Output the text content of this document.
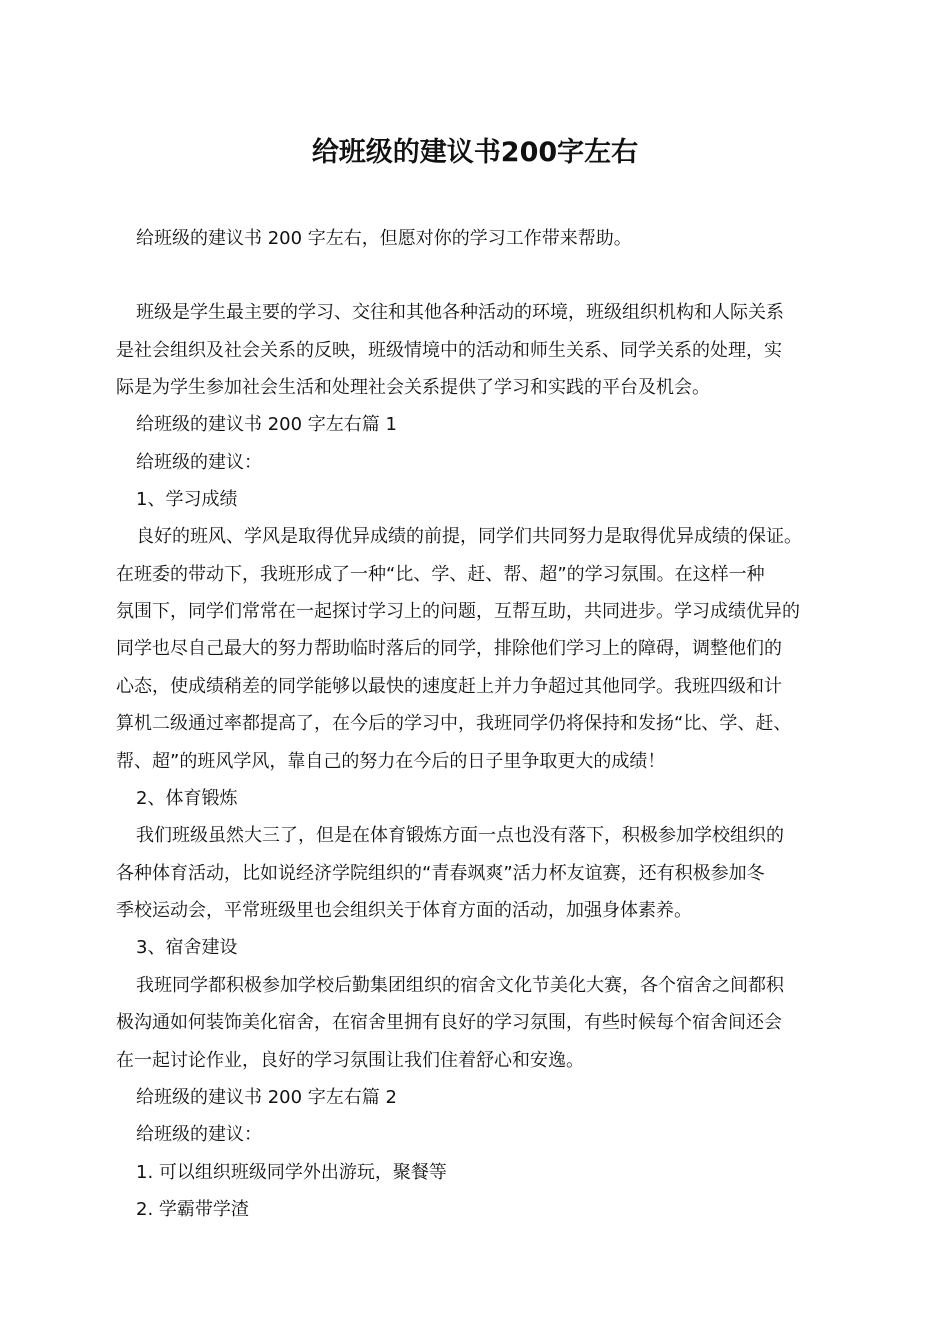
给班级的建议书200字左右
给班级的建议书 200 字左右，但愿对你的学习工作带来帮助。
班级是学生最主要的学习、交往和其他各种活动的环境，班级组织机构和人际关系
是社会组织及社会关系的反映，班级情境中的活动和师生关系、同学关系的处理，实
际是为学生参加社会生活和处理社会关系提供了学习和实践的平台及机会。
给班级的建议书 200 字左右篇 1
给班级的建议：
1、学习成绩
良好的班风、学风是取得优异成绩的前提，同学们共同努力是取得优异成绩的保证。
在班委的带动下，我班形成了一种“比、学、赶、帮、超”的学习氛围。在这样一种
氛围下，同学们常常在一起探讨学习上的问题，互帮互助，共同进步。学习成绩优异的
同学也尽自己最大的努力帮助临时落后的同学，排除他们学习上的障碍，调整他们的
心态，使成绩稍差的同学能够以最快的速度赶上并力争超过其他同学。我班四级和计
算机二级通过率都提高了，在今后的学习中，我班同学仍将保持和发扬“比、学、赶、
帮、超”的班风学风，靠自己的努力在今后的日子里争取更大的成绩！
2、体育锻炼
我们班级虽然大三了，但是在体育锻炼方面一点也没有落下，积极参加学校组织的
各种体育活动，比如说经济学院组织的“青春飒爽”活力杯友谊赛，还有积极参加冬
季校运动会，平常班级里也会组织关于体育方面的活动，加强身体素养。
3、宿舍建设
我班同学都积极参加学校后勤集团组织的宿舍文化节美化大赛，各个宿舍之间都积
极沟通如何装饰美化宿舍，在宿舍里拥有良好的学习氛围，有些时候每个宿舍间还会
在一起讨论作业，良好的学习氛围让我们住着舒心和安逸。
给班级的建议书 200 字左右篇 2
给班级的建议：
1. 可以组织班级同学外出游玩，聚餐等
2. 学霸带学渣
